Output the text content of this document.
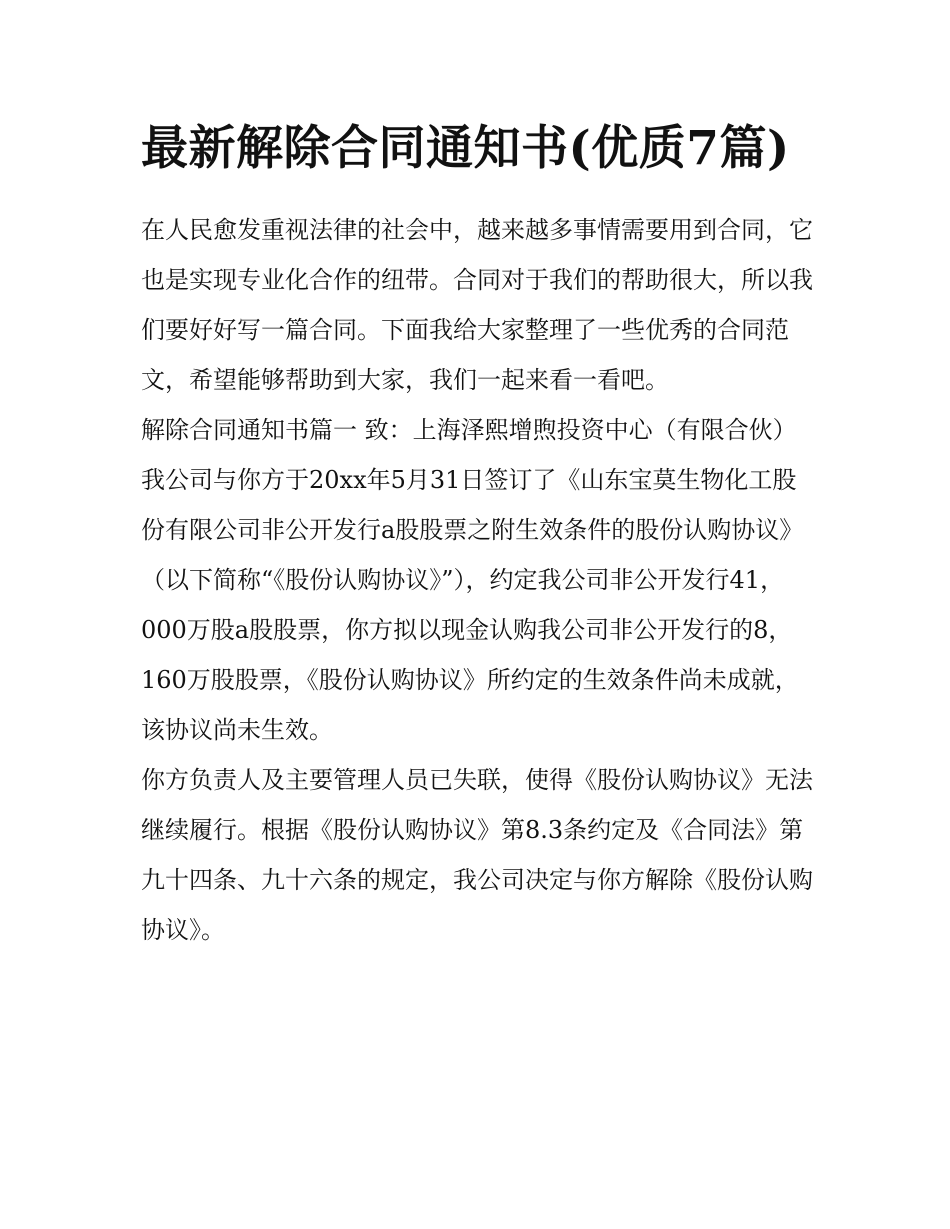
最新解除合同通知书(优质7篇)

在人民愈发重视法律的社会中，越来越多事情需要用到合同，它也是实现专业化合作的纽带。合同对于我们的帮助很大，所以我们要好好写一篇合同。下面我给大家整理了一些优秀的合同范文，希望能够帮助到大家，我们一起来看一看吧。

解除合同通知书篇一 致：上海泽熙增煦投资中心（有限合伙）

我公司与你方于20xx年5月31日签订了《山东宝莫生物化工股份有限公司非公开发行a股股票之附生效条件的股份认购协议》（以下简称“《股份认购协议》”），约定我公司非公开发行41，000万股a股股票，你方拟以现金认购我公司非公开发行的8，160万股股票，《股份认购协议》所约定的生效条件尚未成就，该协议尚未生效。

你方负责人及主要管理人员已失联，使得《股份认购协议》无法继续履行。根据《股份认购协议》第8.3条约定及《合同法》第九十四条、九十六条的规定，我公司决定与你方解除《股份认购协议》。
